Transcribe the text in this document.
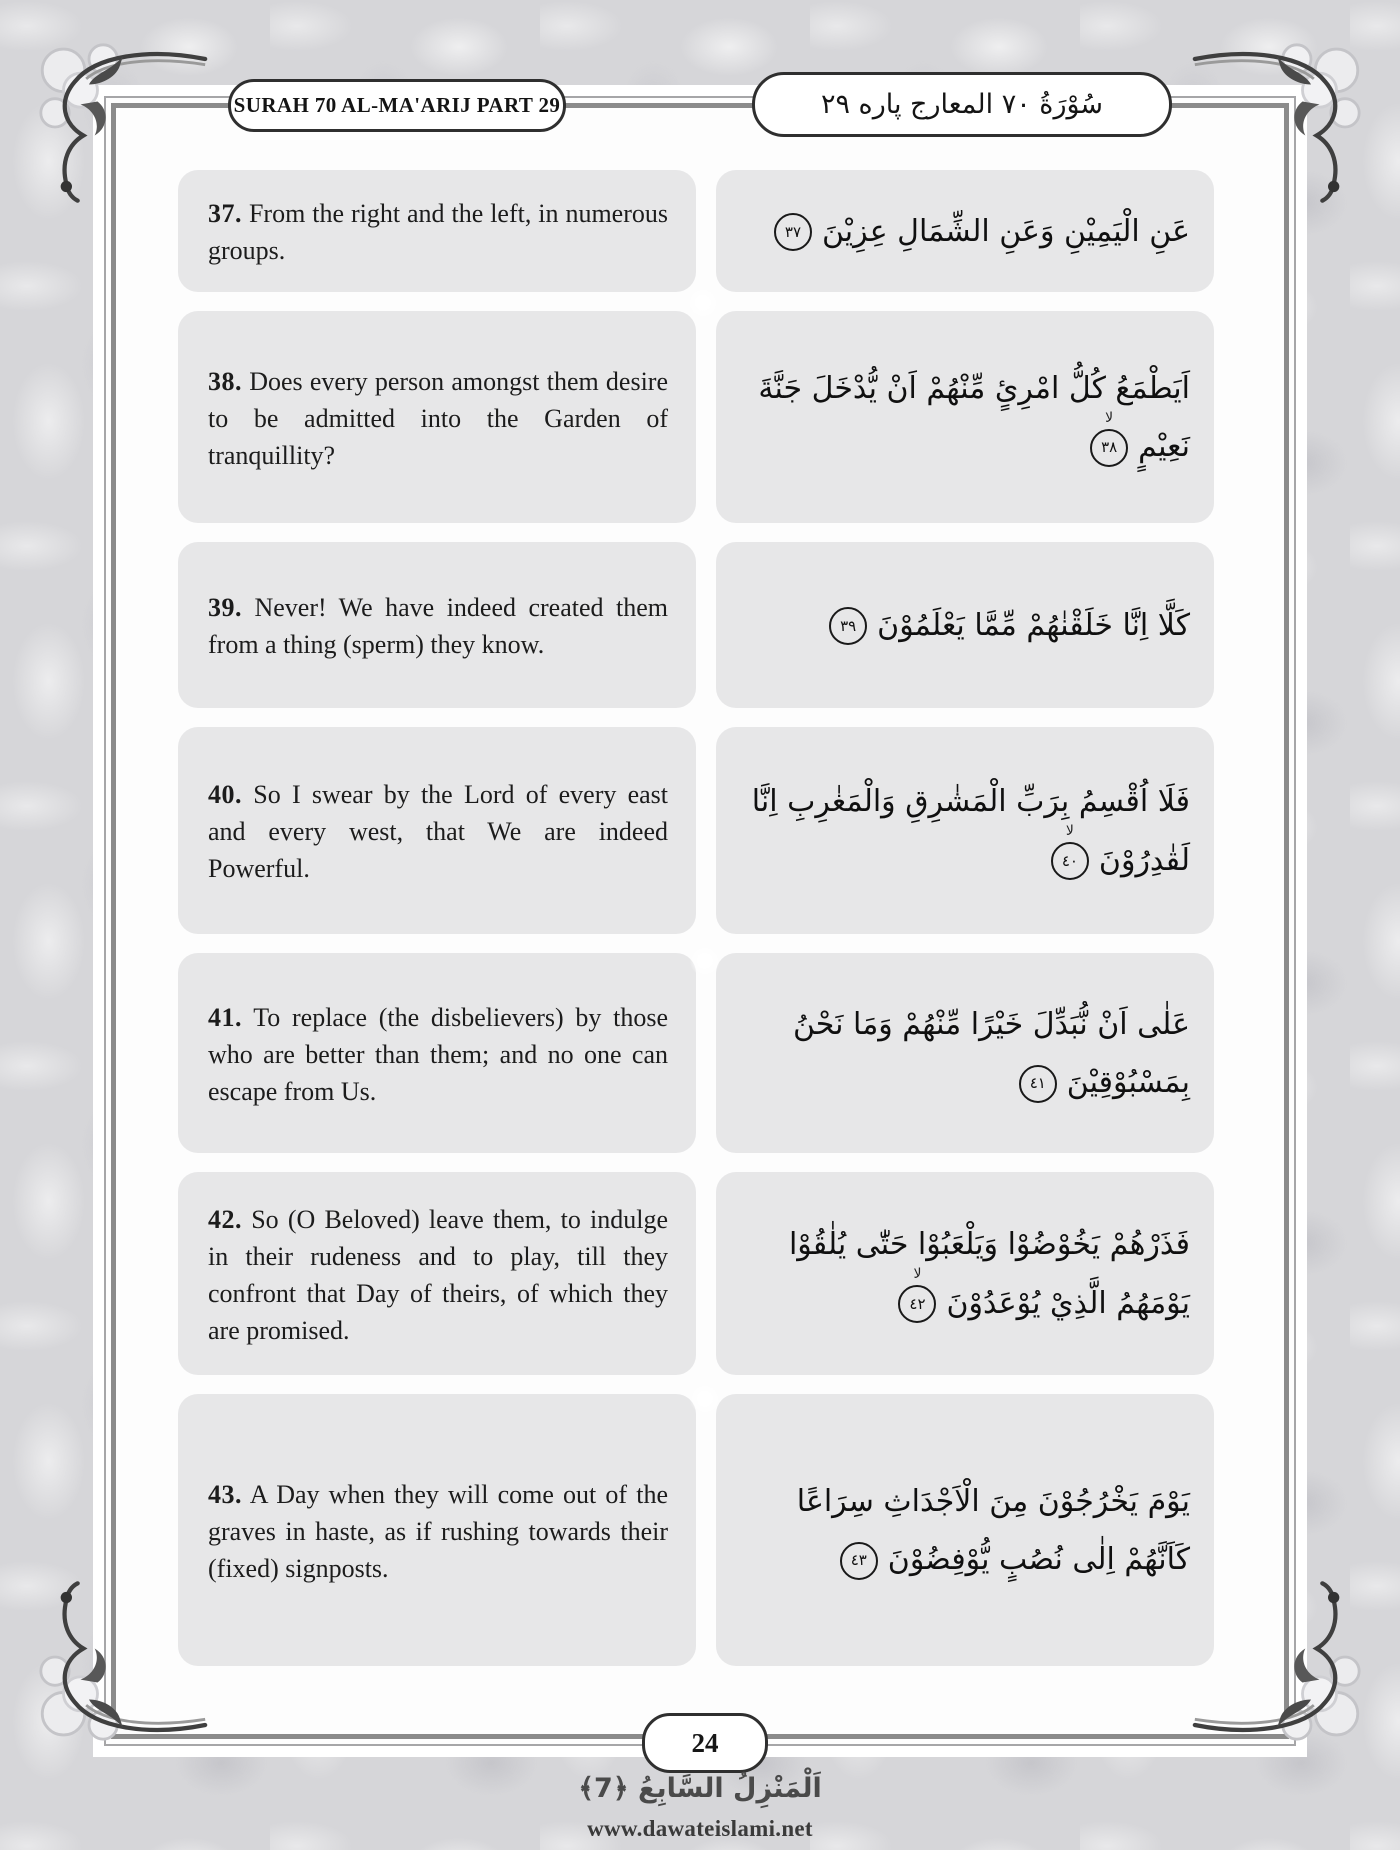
37. From the right and the left, in numerous groups.

عَنِ الْيَمِيْنِ وَعَنِ الشِّمَالِ عِزِيْنَ
٣٧

38. Does every person amongst them desire to be admitted into the Garden of tranquillity?

اَيَطْمَعُ كُلُّ امْرِئٍ مِّنْهُمْ اَنْ يُّدْخَلَ جَنَّةَ نَعِيْمٍ
لا
٣٨

39. Never! We have indeed created them from a thing (sperm) they know.

كَلَّا اِنَّا خَلَقْنٰهُمْ مِّمَّا يَعْلَمُوْنَ
٣٩

40. So I swear by the Lord of every east and every west, that We are indeed Powerful.

فَلَا اُقْسِمُ بِرَبِّ الْمَشٰرِقِ وَالْمَغٰرِبِ اِنَّا لَقٰدِرُوْنَ
لا
٤٠

41. To replace (the disbelievers) by those who are better than them; and no one can escape from Us.

عَلٰى اَنْ نُّبَدِّلَ خَيْرًا مِّنْهُمْ وَمَا نَحْنُ بِمَسْبُوْقِيْنَ
٤١

42. So (O Beloved) leave them, to indulge in their rudeness and to play, till they confront that Day of theirs, of which they are promised.

فَذَرْهُمْ يَخُوْضُوْا وَيَلْعَبُوْا حَتّٰى يُلٰقُوْا يَوْمَهُمُ الَّذِيْ يُوْعَدُوْنَ
لا
٤٢

43. A Day when they will come out of the graves in haste, as if rushing towards their (fixed) signposts.

يَوْمَ يَخْرُجُوْنَ مِنَ الْاَجْدَاثِ سِرَاعًا كَاَنَّهُمْ اِلٰى نُصُبٍ يُّوْفِضُوْنَ
٤٣

SURAH 70 AL-MA'ARIJ PART 29	سُوْرَةُ ٧٠ المعارج پاره ٢٩
24
اَلْمَنْزِلُ السَّابِعُ ﴿7﴾
www.dawateislami.net
